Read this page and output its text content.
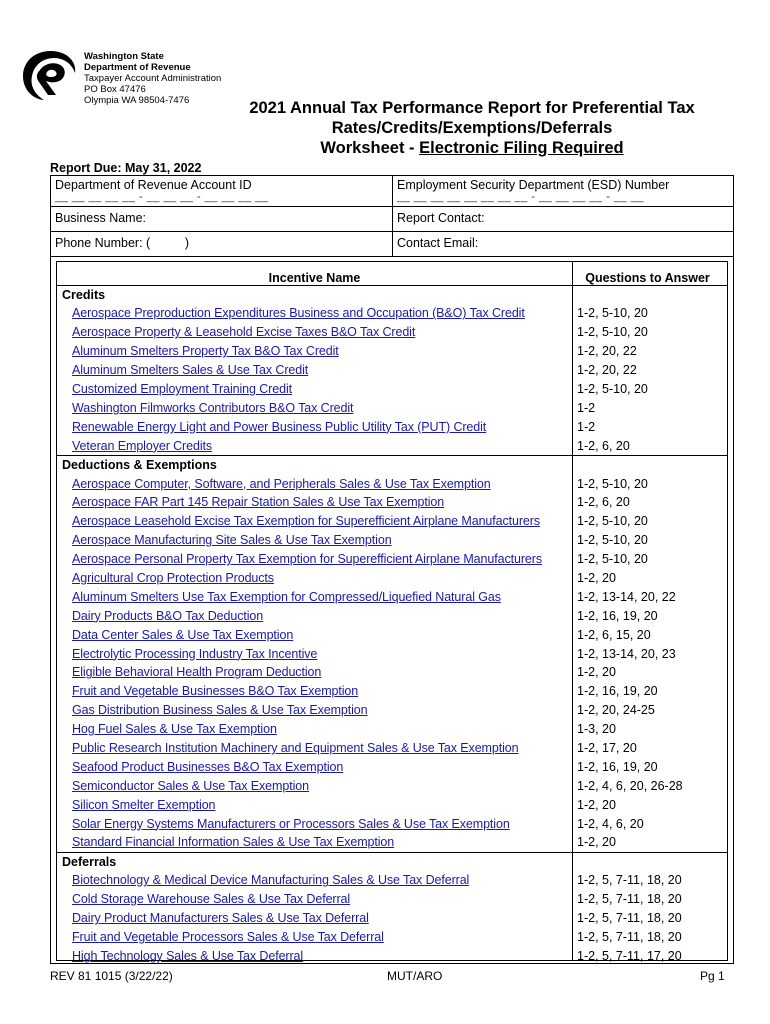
Washington State
Department of Revenue
Taxpayer Account Administration
PO Box 47476
Olympia WA 98504-7476	2021 Annual Tax Performance Report for Preferential Tax
Rates/Credits/Exemptions/Deferrals
Worksheet - Electronic Filing Required
Report Due: May 31, 2022
Department of Revenue Account ID
__ __ __ __ __ - __ __ __ - __ __ __ __
Employment Security Department (ESD) Number
__ __ __ __ __ __ __ __ - __ __ __ __ - __ __
Business Name:	Report Contact:
Phone Number: (          )	Contact Email:
Incentive Name	Questions to Answer
Credits
Aerospace Preproduction Expenditures Business and Occupation (B&O) Tax Credit	1-2, 5-10, 20
Aerospace Property & Leasehold Excise Taxes B&O Tax Credit	1-2, 5-10, 20
Aluminum Smelters Property Tax B&O Tax Credit	1-2, 20, 22
Aluminum Smelters Sales & Use Tax Credit	1-2, 20, 22
Customized Employment Training Credit	1-2, 5-10, 20
Washington Filmworks Contributors B&O Tax Credit	1-2
Renewable Energy Light and Power Business Public Utility Tax (PUT) Credit	1-2
Veteran Employer Credits	1-2, 6, 20
Deductions & Exemptions
Aerospace Computer, Software, and Peripherals Sales & Use Tax Exemption	1-2, 5-10, 20
Aerospace FAR Part 145 Repair Station Sales & Use Tax Exemption	1-2, 6, 20
Aerospace Leasehold Excise Tax Exemption for Superefficient Airplane Manufacturers	1-2, 5-10, 20
Aerospace Manufacturing Site Sales & Use Tax Exemption	1-2, 5-10, 20
Aerospace Personal Property Tax Exemption for Superefficient Airplane Manufacturers	1-2, 5-10, 20
Agricultural Crop Protection Products	1-2, 20
Aluminum Smelters Use Tax Exemption for Compressed/Liquefied Natural Gas	1-2, 13-14, 20, 22
Dairy Products B&O Tax Deduction	1-2, 16, 19, 20
Data Center Sales & Use Tax Exemption	1-2, 6, 15, 20
Electrolytic Processing Industry Tax Incentive	1-2, 13-14, 20, 23
Eligible Behavioral Health Program Deduction	1-2, 20
Fruit and Vegetable Businesses B&O Tax Exemption	1-2, 16, 19, 20
Gas Distribution Business Sales & Use Tax Exemption	1-2, 20, 24-25
Hog Fuel Sales & Use Tax Exemption	1-3, 20
Public Research Institution Machinery and Equipment Sales & Use Tax Exemption	1-2, 17, 20
Seafood Product Businesses B&O Tax Exemption	1-2, 16, 19, 20
Semiconductor Sales & Use Tax Exemption	1-2, 4, 6, 20, 26-28
Silicon Smelter Exemption	1-2, 20
Solar Energy Systems Manufacturers or Processors Sales & Use Tax Exemption	1-2, 4, 6, 20
Standard Financial Information Sales & Use Tax Exemption	1-2, 20
Deferrals
Biotechnology & Medical Device Manufacturing Sales & Use Tax Deferral	1-2, 5, 7-11, 18, 20
Cold Storage Warehouse Sales & Use Tax Deferral	1-2, 5, 7-11, 18, 20
Dairy Product Manufacturers Sales & Use Tax Deferral	1-2, 5, 7-11, 18, 20
Fruit and Vegetable Processors Sales & Use Tax Deferral	1-2, 5, 7-11, 18, 20
High Technology Sales & Use Tax Deferral	1-2, 5, 7-11, 17, 20
REV 81 1015 (3/22/22)	MUT/ARO	Pg 1
